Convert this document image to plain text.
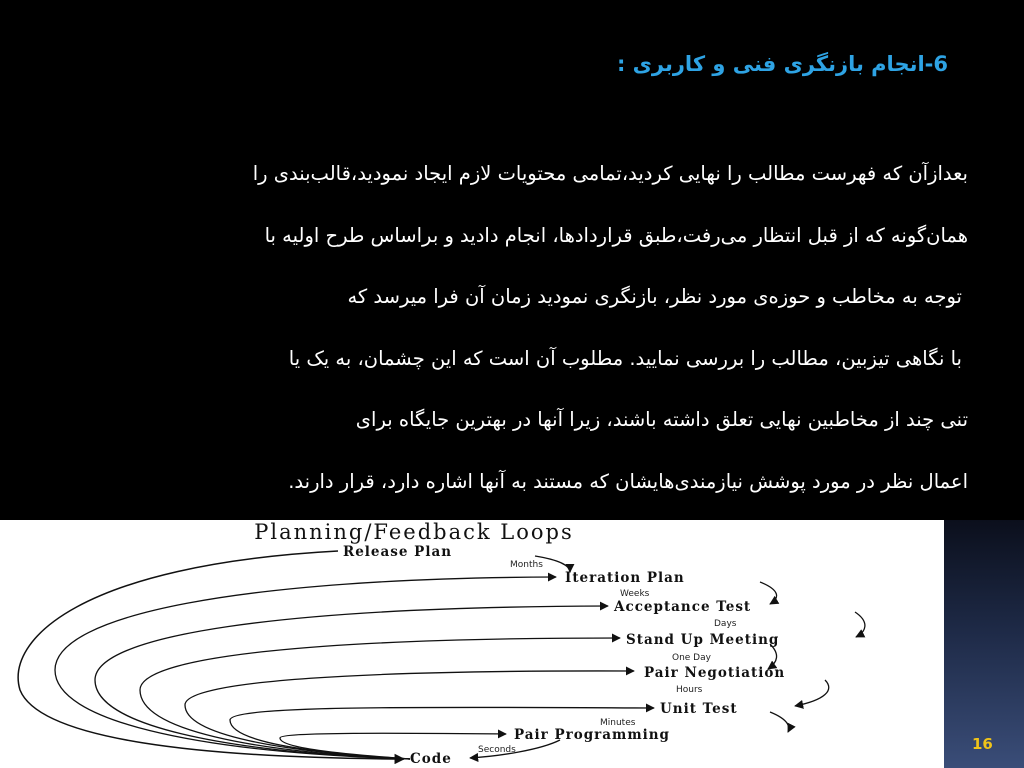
6-انجام بازنگری فنی و کاربری :
بعدازآن که فهرست مطالب را نهایی کردید،تمامی محتویات لازم ایجاد نمودید،قالب‌بندی را
همان‌گونه که از قبل انتظار می‌رفت،طبق قراردادها، انجام دادید و براساس طرح اولیه با
توجه به مخاطب و حوزه‌ی مورد نظر، بازنگری نمودید زمان آن فرا میرسد که
با نگاهی تیزبین، مطالب را بررسی نمایید. مطلوب آن است که این چشمان، به یک یا
تنی چند از مخاطبین نهایی تعلق داشته باشند، زیرا آنها در بهترین جایگاه برای
اعمال نظر در مورد پوشش نیازمندی‌هایشان که مستند به آنها اشاره دارد، قرار دارند.
Planning/Feedback Loops
Release Plan
Iteration Plan
Acceptance Test
Stand Up Meeting
Pair Negotiation
Unit Test
Pair Programming
Code
Months
Weeks
Days
One Day
Hours
Minutes
Seconds	16
